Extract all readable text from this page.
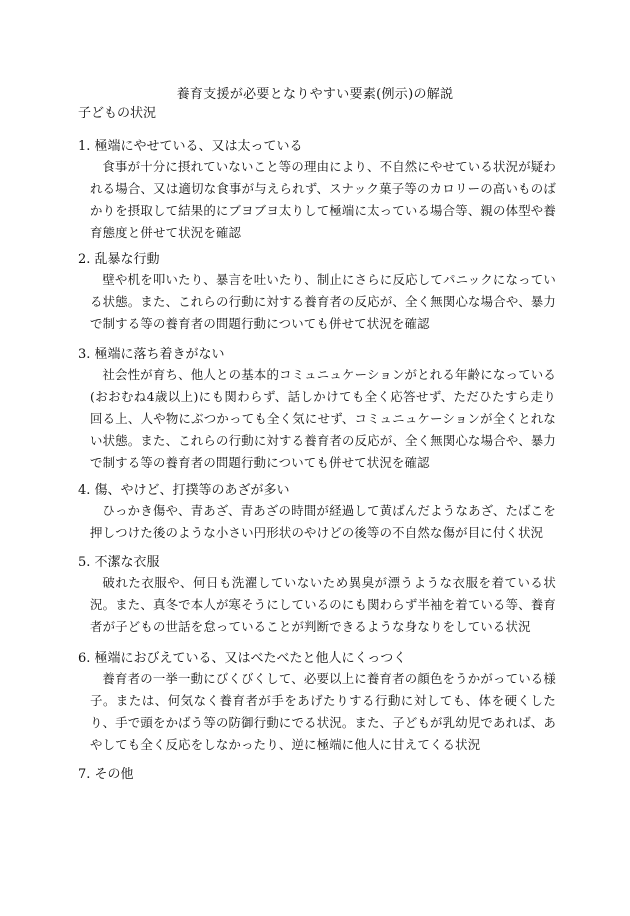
養育支援が必要となりやすい要素(例示)の解説
子どもの状況
1. 極端にやせている、又は太っている

食事が十分に摂れていないこと等の理由により、不自然にやせている状況が疑われる場合、又は適切な食事が与えられず、スナック菓子等のカロリーの高いものばかりを摂取して結果的にブヨブヨ太りして極端に太っている場合等、親の体型や養育態度と併せて状況を確認

2. 乱暴な行動

壁や机を叩いたり、暴言を吐いたり、制止にさらに反応してパニックになっている状態。また、これらの行動に対する養育者の反応が、全く無関心な場合や、暴力で制する等の養育者の問題行動についても併せて状況を確認

3. 極端に落ち着きがない

社会性が育ち、他人との基本的コミュニュケーションがとれる年齢になっている(おおむね4歳以上)にも関わらず、話しかけても全く応答せず、ただひたすら走り回る上、人や物にぶつかっても全く気にせず、コミュニュケーションが全くとれない状態。また、これらの行動に対する養育者の反応が、全く無関心な場合や、暴力で制する等の養育者の問題行動についても併せて状況を確認

4. 傷、やけど、打撲等のあざが多い

ひっかき傷や、青あざ、青あざの時間が経過して黄ばんだようなあざ、たばこを押しつけた後のような小さい円形状のやけどの後等の不自然な傷が目に付く状況

5. 不潔な衣服

破れた衣服や、何日も洗濯していないため異臭が漂うような衣服を着ている状況。また、真冬で本人が寒そうにしているのにも関わらず半袖を着ている等、養育者が子どもの世話を怠っていることが判断できるような身なりをしている状況

6. 極端におびえている、又はべたべたと他人にくっつく

養育者の一挙一動にびくびくして、必要以上に養育者の顔色をうかがっている様子。または、何気なく養育者が手をあげたりする行動に対しても、体を硬くしたり、手で頭をかばう等の防御行動にでる状況。また、子どもが乳幼児であれば、あやしても全く反応をしなかったり、逆に極端に他人に甘えてくる状況

7. その他
